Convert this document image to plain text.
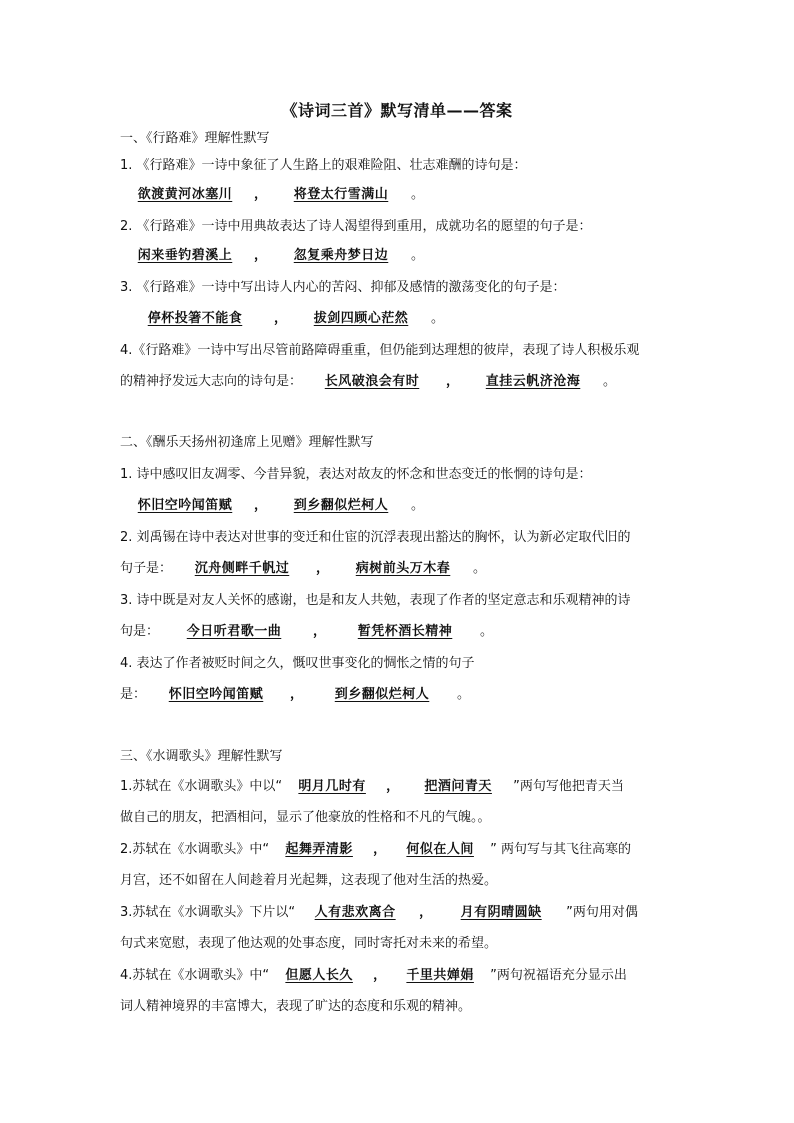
《诗词三首》默写清单——答案
一、《行路难》理解性默写
1. 《行路难》一诗中象征了人生路上的艰难险阻、壮志难酬的诗句是：
欲渡黄河冰塞川 ， 将登太行雪满山 。
2. 《行路难》一诗中用典故表达了诗人渴望得到重用，成就功名的愿望的句子是：
闲来垂钓碧溪上 ， 忽复乘舟梦日边 。
3. 《行路难》一诗中写出诗人内心的苦闷、抑郁及感情的激荡变化的句子是：
停杯投箸不能食 ， 拔剑四顾心茫然 。
4.《行路难》一诗中写出尽管前路障碍重重，但仍能到达理想的彼岸，表现了诗人积极乐观
的精神抒发远大志向的诗句是： 长风破浪会有时 ， 直挂云帆济沧海 。
二、《酬乐天扬州初逢席上见赠》理解性默写
1. 诗中感叹旧友凋零、今昔异貌，表达对故友的怀念和世态变迁的怅惘的诗句是：
怀旧空吟闻笛赋 ， 到乡翻似烂柯人 。
2. 刘禹锡在诗中表达对世事的变迁和仕宦的沉浮表现出豁达的胸怀，认为新必定取代旧的
句子是： 沉舟侧畔千帆过 ， 病树前头万木春 。
3. 诗中既是对友人关怀的感谢，也是和友人共勉，表现了作者的坚定意志和乐观精神的诗
句是： 今日听君歌一曲 ， 暂凭杯酒长精神 。
4. 表达了作者被贬时间之久，慨叹世事变化的惆怅之情的句子
是： 怀旧空吟闻笛赋 ， 到乡翻似烂柯人 。
三、《水调歌头》理解性默写
1.苏轼在《水调歌头》中以“ 明月几时有 ， 把酒问青天 ”两句写他把青天当
做自己的朋友，把酒相问，显示了他豪放的性格和不凡的气魄。。
2.苏轼在《水调歌头》中“ 起舞弄清影 ， 何似在人间 ” 两句写与其飞往高寒的
月宫，还不如留在人间趁着月光起舞，这表现了他对生活的热爱。
3.苏轼在《水调歌头》下片以“ 人有悲欢离合 ， 月有阴晴圆缺 ”两句用对偶
句式来宽慰，表现了他达观的处事态度，同时寄托对未来的希望。
4.苏轼在《水调歌头》中“ 但愿人长久 ， 千里共婵娟 ”两句祝福语充分显示出
词人精神境界的丰富博大，表现了旷达的态度和乐观的精神。
